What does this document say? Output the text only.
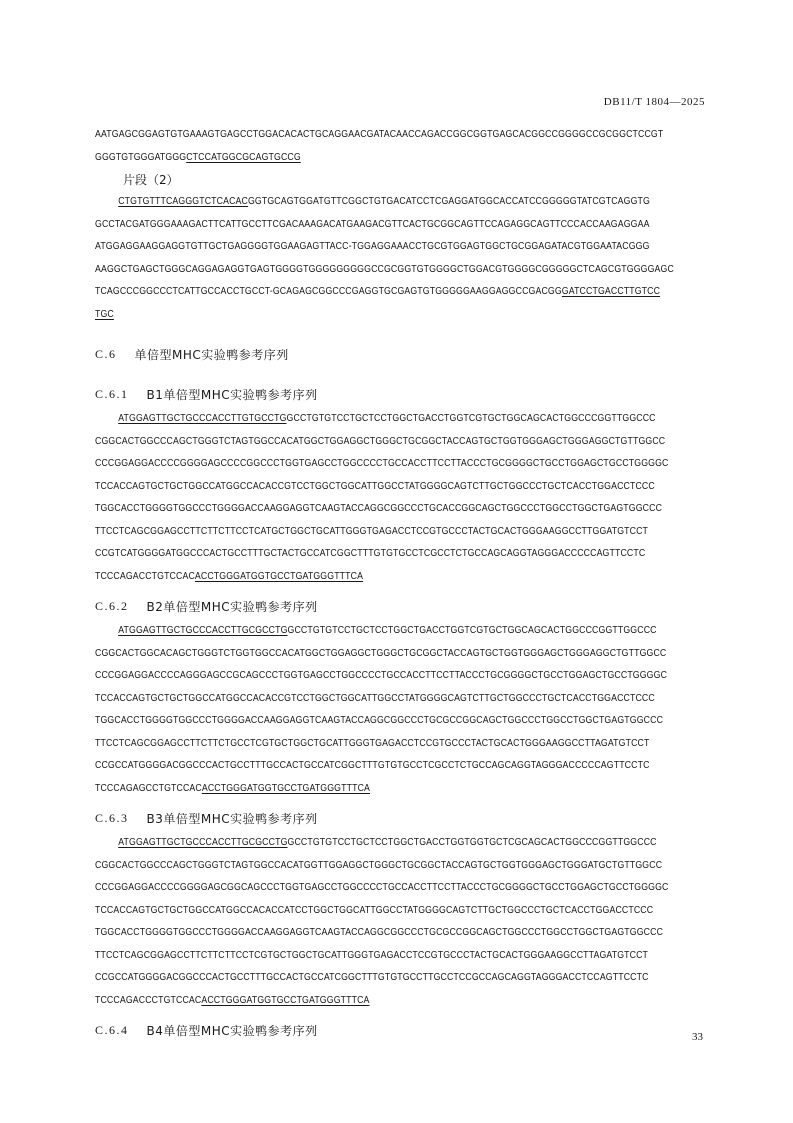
DB11/T 1804—2025
AATGAGCGGAGTGTGAAAGTGAGCCTGGACACACTGCAGGAACGATACAACCAGACCGGCGGTGAGCACGGCCGGGGCCGCGGCTCCGT
GGGTGTGGGATGGGCTCCATGGCGCAGTGCCG
片段（2）
CTGTGTTTCAGGGTCTCACACGGTGCAGTGGATGTTCGGCTGTGACATCCTCGAGGATGGCACCATCCGGGGGTATCGTCAGGTG
GCCTACGATGGGAAAGACTTCATTGCCTTCGACAAAGACATGAAGACGTTCACTGCGGCAGTTCCAGAGGCAGTTCCCACCAAGAGGAA
ATGGAGGAAGGAGGTGTTGCTGAGGGGTGGAAGAGTTACC-TGGAGGAAACCTGCGTGGAGTGGCTGCGGAGATACGTGGAATACGGG
AAGGCTGAGCTGGGCAGGAGAGGTGAGTGGGGTGGGGGGGGGCCGCGGTGTGGGGCTGGACGTGGGGCGGGGGCTCAGCGTGGGGAGC
TCAGCCCGGCCCTCATTGCCACCTGCCT-GCAGAGCGGCCCGAGGTGCGAGTGTGGGGGAAGGAGGCCGACGGGATCCTGACCTTGTCC
TGC
C.6 单倍型MHC实验鸭参考序列
C.6.1 B1单倍型MHC实验鸭参考序列
ATGGAGTTGCTGCCCACCTTGTGCCTGGCCTGTGTCCTGCTCCTGGCTGACCTGGTCGTGCTGGCAGCACTGGCCCGGTTGGCCC
CGGCACTGGCCCAGCTGGGTCTAGTGGCCACATGGCTGGAGGCTGGGCTGCGGCTACCAGTGCTGGTGGGAGCTGGGAGGCTGTTGGCC
CCCGGAGGACCCCGGGGAGCCCCGGCCCTGGTGAGCCTGGCCCCTGCCACCTTCCTTACCCTGCGGGGCTGCCTGGAGCTGCCTGGGGC
TCCACCAGTGCTGCTGGCCATGGCCACACCGTCCTGGCTGGCATTGGCCTATGGGGCAGTCTTGCTGGCCCTGCTCACCTGGACCTCCC
TGGCACCTGGGGTGGCCCTGGGGACCAAGGAGGTCAAGTACCAGGCGGCCCTGCACCGGCAGCTGGCCCTGGCCTGGCTGAGTGGCCC
TTCCTCAGCGGAGCCTTCTTCTTCCTCATGCTGGCTGCATTGGGTGAGACCTCCGTGCCCTACTGCACTGGGAAGGCCTTGGATGTCCT
CCGTCATGGGGATGGCCCACTGCCTTTGCTACTGCCATCGGCTTTGTGTGCCTCGCCTCTGCCAGCAGGTAGGGACCCCCAGTTCCTC
TCCCAGACCTGTCCACACCTGGGATGGTGCCTGATGGGTTTCA
C.6.2 B2单倍型MHC实验鸭参考序列
ATGGAGTTGCTGCCCACCTTGCGCCTGGCCTGTGTCCTGCTCCTGGCTGACCTGGTCGTGCTGGCAGCACTGGCCCGGTTGGCCC
CGGCACTGGCACAGCTGGGTCTGGTGGCCACATGGCTGGAGGCTGGGCTGCGGCTACCAGTGCTGGTGGGAGCTGGGAGGCTGTTGGCC
CCCGGAGGACCCCAGGGAGCCGCAGCCCTGGTGAGCCTGGCCCCTGCCACCTTCCTTACCCTGCGGGGCTGCCTGGAGCTGCCTGGGGC
TCCACCAGTGCTGCTGGCCATGGCCACACCGTCCTGGCTGGCATTGGCCTATGGGGCAGTCTTGCTGGCCCTGCTCACCTGGACCTCCC
TGGCACCTGGGGTGGCCCTGGGGACCAAGGAGGTCAAGTACCAGGCGGCCCTGCGCCGGCAGCTGGCCCTGGCCTGGCTGAGTGGCCC
TTCCTCAGCGGAGCCTTCTTCTGCCTCGTGCTGGCTGCATTGGGTGAGACCTCCGTGCCCTACTGCACTGGGAAGGCCTTAGATGTCCT
CCGCCATGGGGACGGCCCACTGCCTTTGCCACTGCCATCGGCTTTGTGTGCCTCGCCTCTGCCAGCAGGTAGGGACCCCCAGTTCCTC
TCCCAGAGCCTGTCCACACCTGGGATGGTGCCTGATGGGTTTCA
C.6.3 B3单倍型MHC实验鸭参考序列
ATGGAGTTGCTGCCCACCTTGCGCCTGGCCTGTGTCCTGCTCCTGGCTGACCTGGTGGTGCTCGCAGCACTGGCCCGGTTGGCCC
CGGCACTGGCCCAGCTGGGTCTAGTGGCCACATGGTTGGAGGCTGGGCTGCGGCTACCAGTGCTGGTGGGAGCTGGGATGCTGTTGGCC
CCCGGAGGACCCCGGGGAGCGGCAGCCCTGGTGAGCCTGGCCCCTGCCACCTTCCTTACCCTGCGGGGCTGCCTGGAGCTGCCTGGGGC
TCCACCAGTGCTGCTGGCCATGGCCACACCATCCTGGCTGGCATTGGCCTATGGGGCAGTCTTGCTGGCCCTGCTCACCTGGACCTCCC
TGGCACCTGGGGTGGCCCTGGGGACCAAGGAGGTCAAGTACCAGGCGGCCCTGCGCCGGCAGCTGGCCCTGGCCTGGCTGAGTGGCCC
TTCCTCAGCGGAGCCTTCTTCTTCCTCGTGCTGGCTGCATTGGGTGAGACCTCCGTGCCCTACTGCACTGGGAAGGCCTTAGATGTCCT
CCGCCATGGGGACGGCCCACTGCCTTTGCCACTGCCATCGGCTTTGTGTGCCTTGCCTCCGCCAGCAGGTAGGGACCTCCAGTTCCTC
TCCCAGACCCTGTCCACACCTGGGATGGTGCCTGATGGGTTTCA
C.6.4 B4单倍型MHC实验鸭参考序列	33
